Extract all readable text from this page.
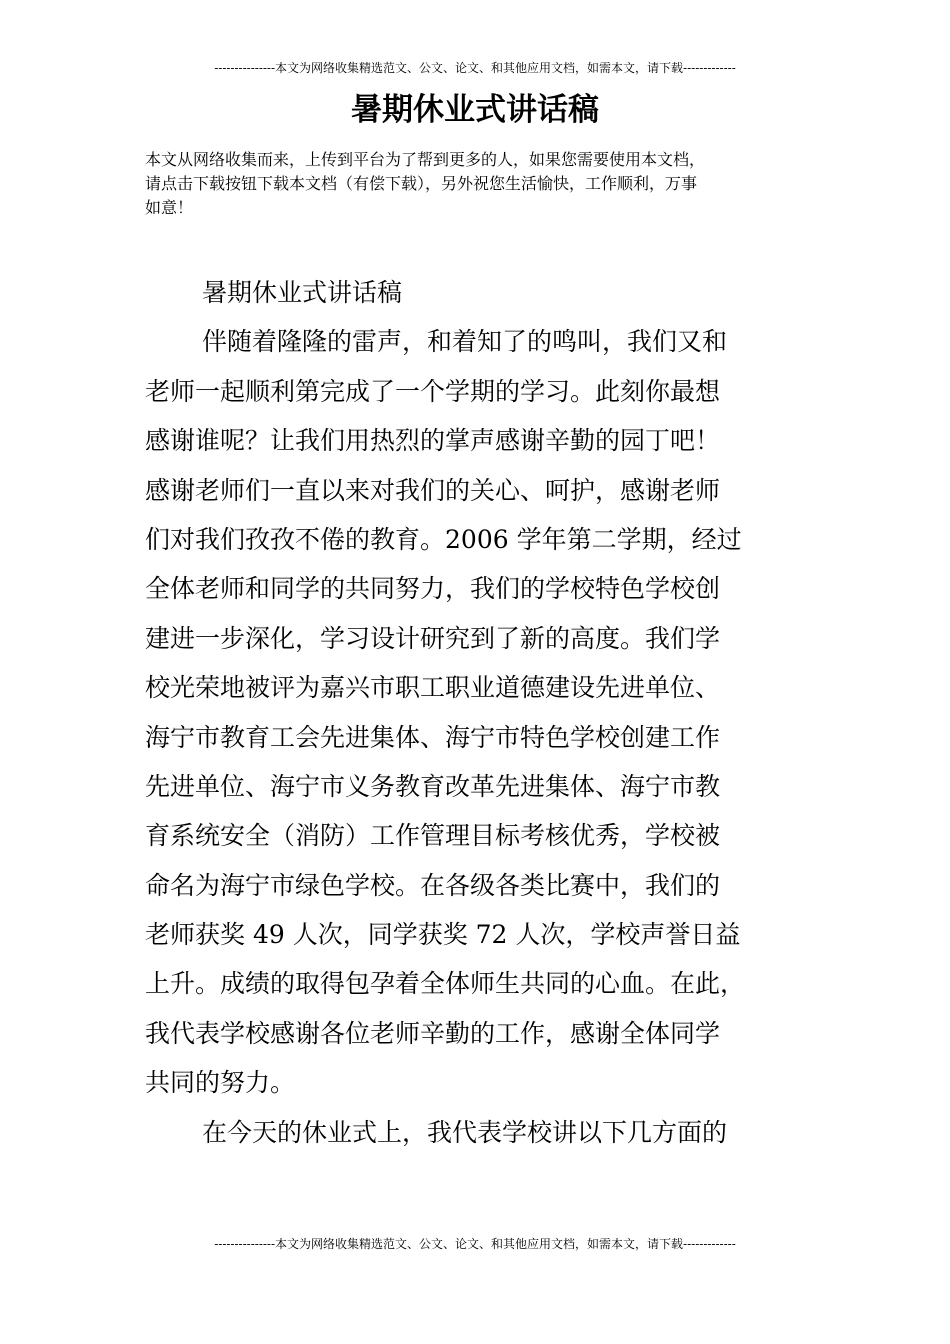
---------------本文为网络收集精选范文、公文、论文、和其他应用文档，如需本文，请下载-------------
暑期休业式讲话稿
本文从网络收集而来，上传到平台为了帮到更多的人，如果您需要使用本文档，
请点击下载按钮下载本文档（有偿下载），另外祝您生活愉快，工作顺利，万事
如意！
暑期休业式讲话稿
伴随着隆隆的雷声，和着知了的鸣叫，我们又和
老师一起顺利第完成了一个学期的学习。此刻你最想
感谢谁呢？让我们用热烈的掌声感谢辛勤的园丁吧！
感谢老师们一直以来对我们的关心、呵护，感谢老师
们对我们孜孜不倦的教育。2006 学年第二学期，经过
全体老师和同学的共同努力，我们的学校特色学校创
建进一步深化，学习设计研究到了新的高度。我们学
校光荣地被评为嘉兴市职工职业道德建设先进单位、
海宁市教育工会先进集体、海宁市特色学校创建工作
先进单位、海宁市义务教育改革先进集体、海宁市教
育系统安全（消防）工作管理目标考核优秀，学校被
命名为海宁市绿色学校。在各级各类比赛中，我们的
老师获奖 49 人次，同学获奖 72 人次，学校声誉日益
上升。成绩的取得包孕着全体师生共同的心血。在此，
我代表学校感谢各位老师辛勤的工作，感谢全体同学
共同的努力。
在今天的休业式上，我代表学校讲以下几方面的
---------------本文为网络收集精选范文、公文、论文、和其他应用文档，如需本文，请下载-------------
